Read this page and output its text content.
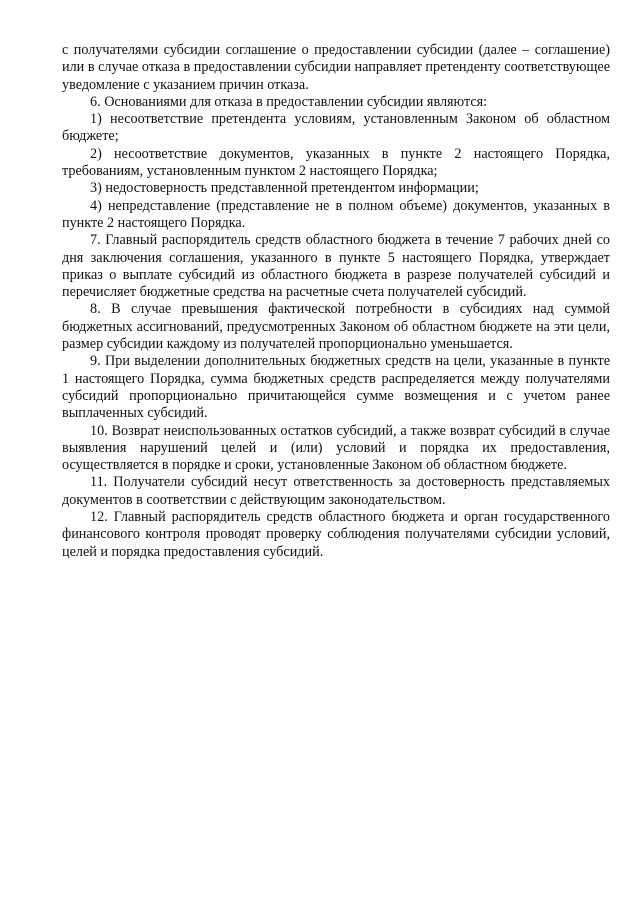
с получателями субсидии соглашение о предоставлении субсидии (далее – соглашение) или в случае отказа в предоставлении субсидии направляет претенденту соответствующее уведомление с указанием причин отказа.

6. Основаниями для отказа в предоставлении субсидии являются:

1) несоответствие претендента условиям, установленным Законом об областном бюджете;

2) несоответствие документов, указанных в пункте 2 настоящего Порядка, требованиям, установленным пунктом 2 настоящего Порядка;

3) недостоверность представленной претендентом информации;

4) непредставление (представление не в полном объеме) документов, указанных в пункте 2 настоящего Порядка.

7. Главный распорядитель средств областного бюджета в течение 7 рабочих дней со дня заключения соглашения, указанного в пункте 5 настоящего Порядка, утверждает приказ о выплате субсидий из областного бюджета в разрезе получателей субсидий и перечисляет бюджетные средства на расчетные счета получателей субсидий.

8. В случае превышения фактической потребности в субсидиях над суммой бюджетных ассигнований, предусмотренных Законом об областном бюджете на эти цели, размер субсидии каждому из получателей пропорционально уменьшается.

9. При выделении дополнительных бюджетных средств на цели, указанные в пункте 1 настоящего Порядка, сумма бюджетных средств распределяется между получателями субсидий пропорционально причитающейся сумме возмещения и с учетом ранее выплаченных субсидий.

10. Возврат неиспользованных остатков субсидий, а также возврат субсидий в случае выявления нарушений целей и (или) условий и порядка их предоставления, осуществляется в порядке и сроки, установленные Законом об областном бюджете.

11. Получатели субсидий несут ответственность за достоверность представляемых документов в соответствии с действующим законодательством.

12. Главный распорядитель средств областного бюджета и орган государственного финансового контроля проводят проверку соблюдения получателями субсидии условий, целей и порядка предоставления субсидий.
